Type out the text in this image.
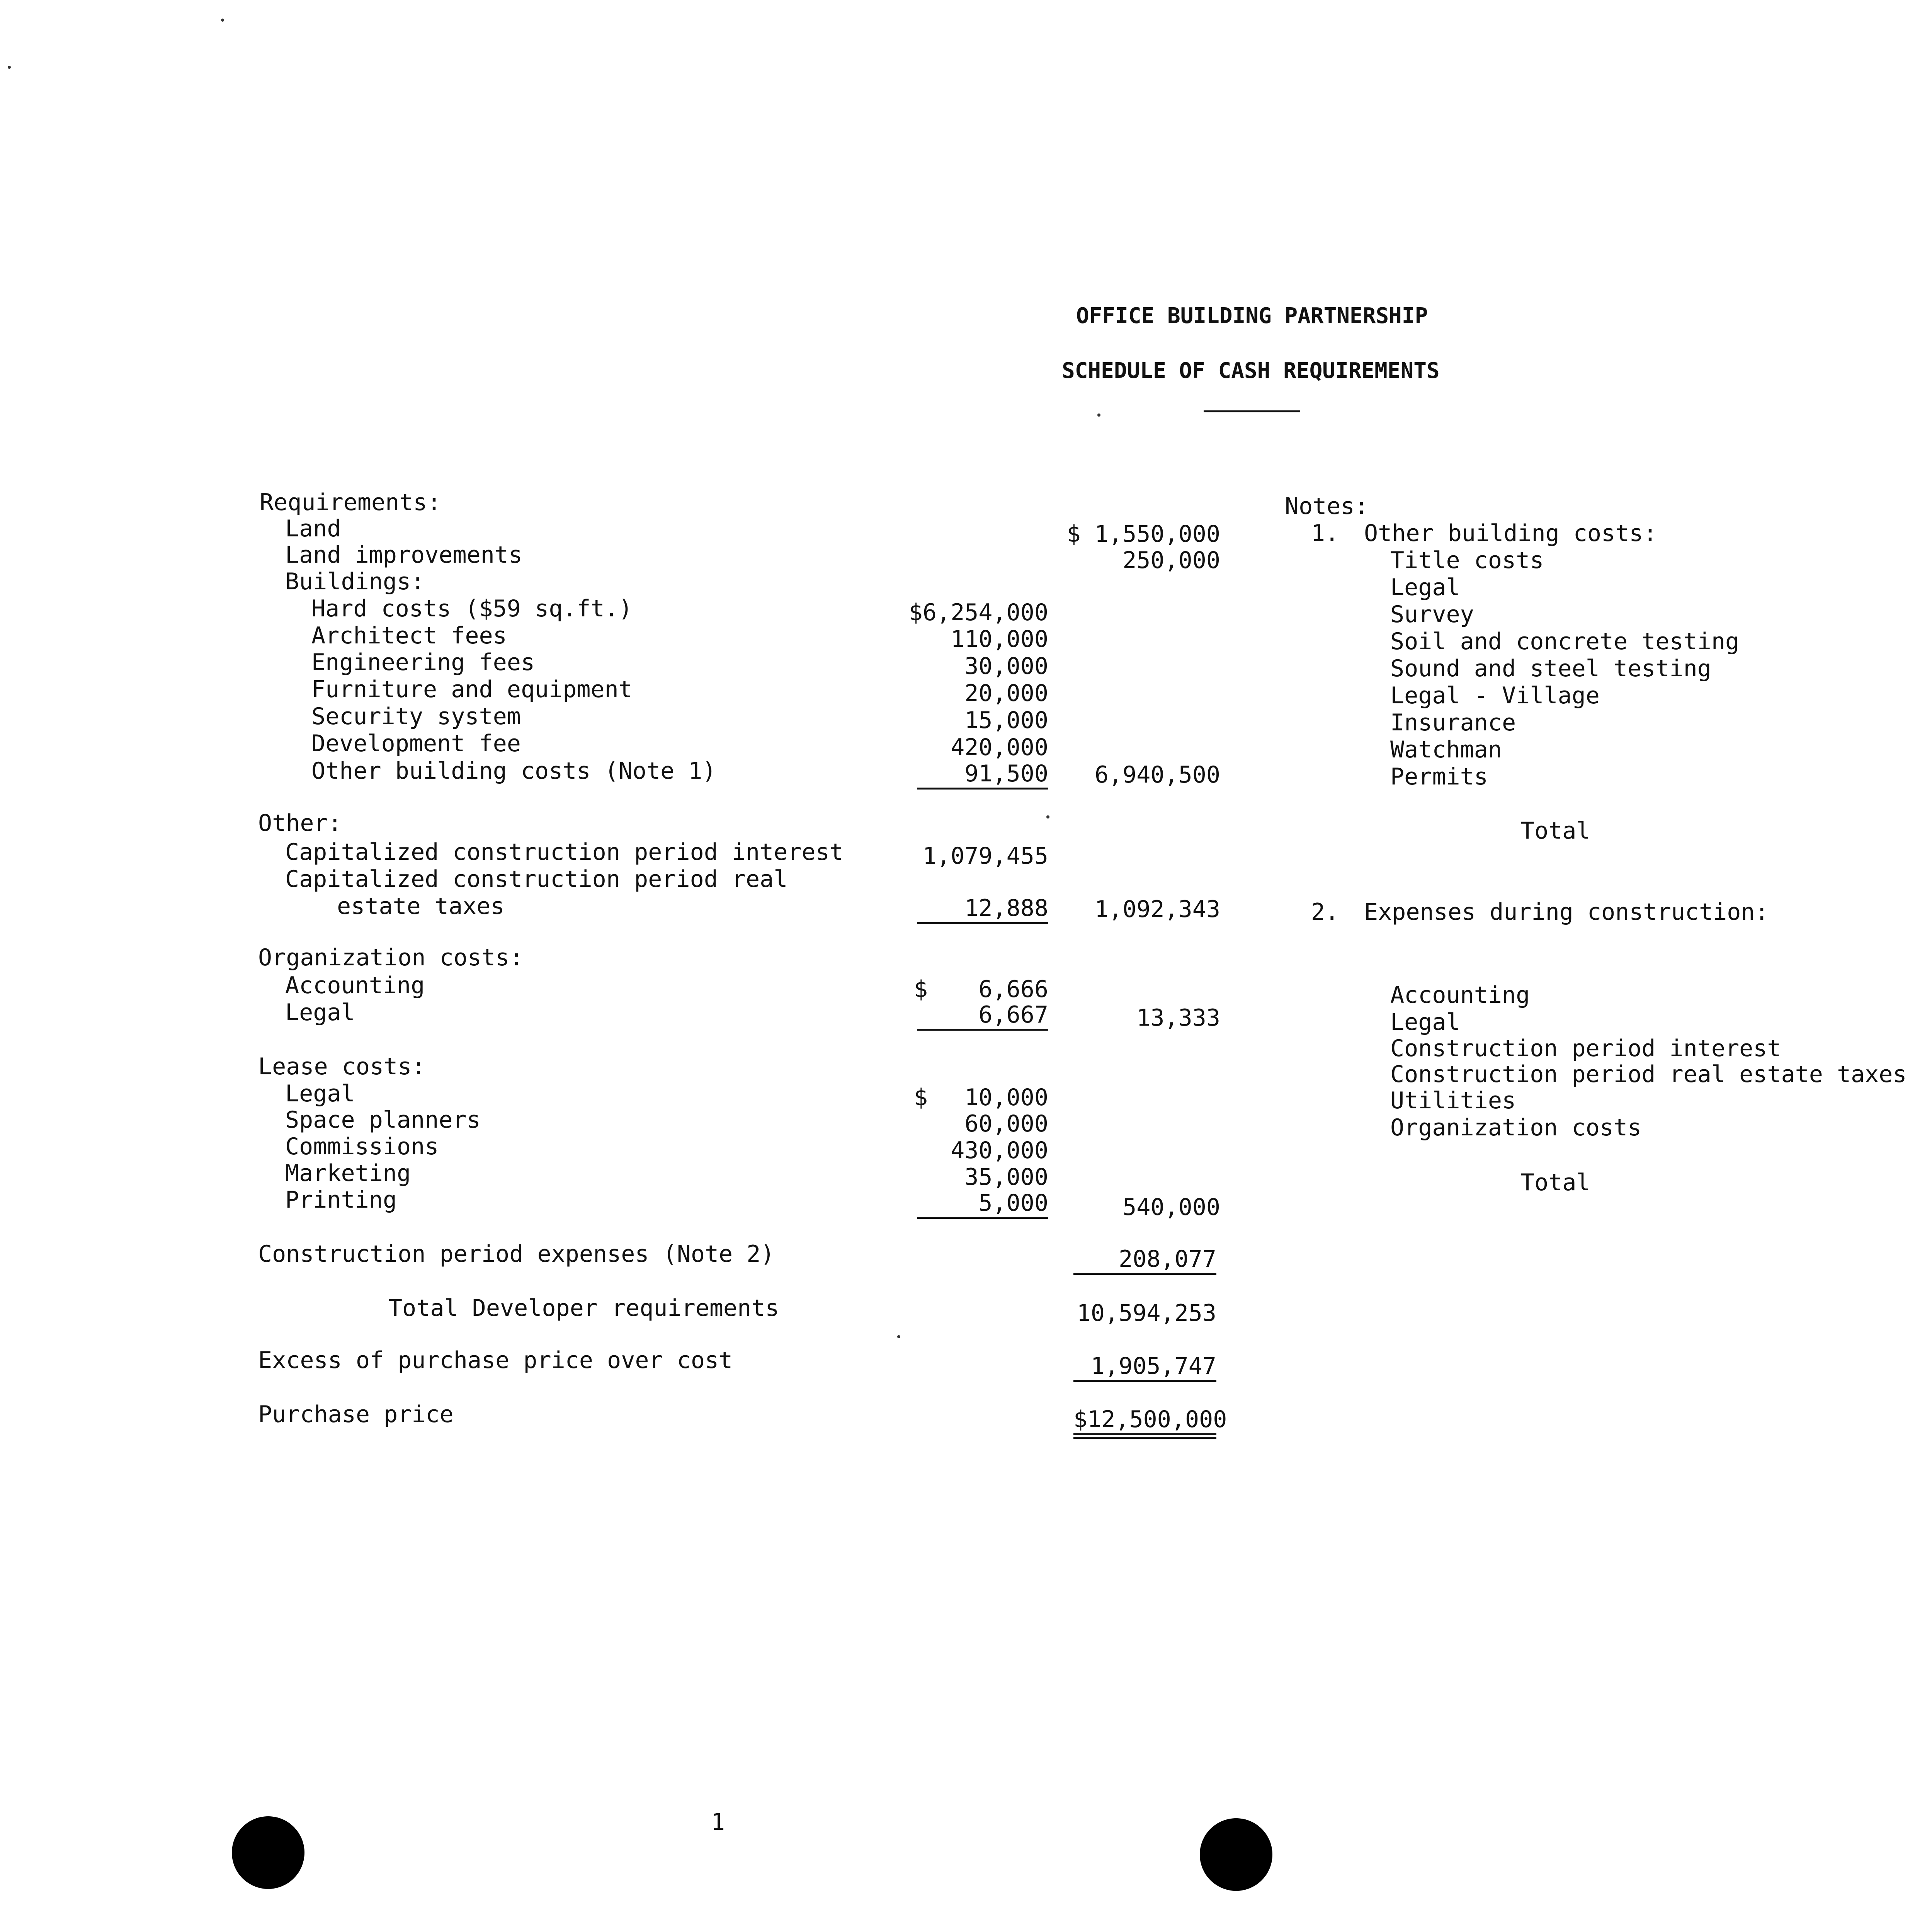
OFFICE BUILDING PARTNERSHIP
SCHEDULE OF CASH REQUIREMENTS
Requirements:
Land	$ 1,550,000
Land improvements	250,000
Buildings:
Hard costs ($59 sq.ft.)	$6,254,000
Architect fees	110,000
Engineering fees	30,000
Furniture and equipment	20,000
Security system	15,000
Development fee	420,000
Other building costs (Note 1)	91,500 6,940,500
Other:
Capitalized construction period interest	1,079,455
Capitalized construction period real
estate taxes	12,888 1,092,343
Organization costs:
Accounting	$ 6,666
Legal	6,667	13,333
Lease costs:
Legal	$ 10,000
Space planners	60,000
Commissions	430,000
Marketing	35,000
Printing	5,000	540,000
Construction period expenses (Note 2)	208,077
Total Developer requirements	10,594,253
Excess of purchase price over cost	1,905,747
Purchase price	$12,500,000
Notes:
1. Other building costs:
Title costs
Legal
Survey
Soil and concrete testing
Sound and steel testing
Legal - Village
Insurance
Watchman
Permits
Total
2. Expenses during construction:
Accounting
Legal
Construction period interest
Construction period real estate taxes
Utilities
Organization costs
Total
1
